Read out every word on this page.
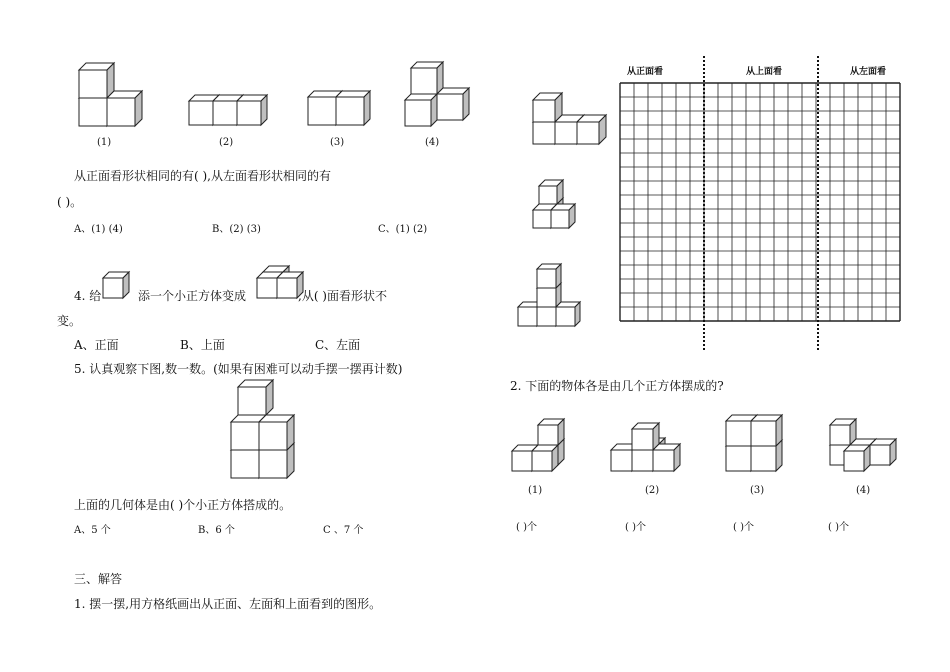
(1)	(2)	(3)	(4)
从正面看形状相同的有( ),从左面看形状相同的有
( )。
A、(1) (4)	B、(2) (3)	C、(1) (2)
4. 给	添一个小正方体变成	,从( )面看形状不
变。
A、正面	B、上面	C、左面
5. 认真观察下图,数一数。(如果有困难可以动手摆一摆再计数)
上面的几何体是由( )个小正方体搭成的。
A、5 个	B、6 个	C 、7 个
三、解答
1. 摆一摆,用方格纸画出从正面、左面和上面看到的图形。
从正面看	从上面看	从左面看
2. 下面的物体各是由几个正方体摆成的?
(1)	(2)	(3)	(4)
( )个	( )个	( )个	( )个
